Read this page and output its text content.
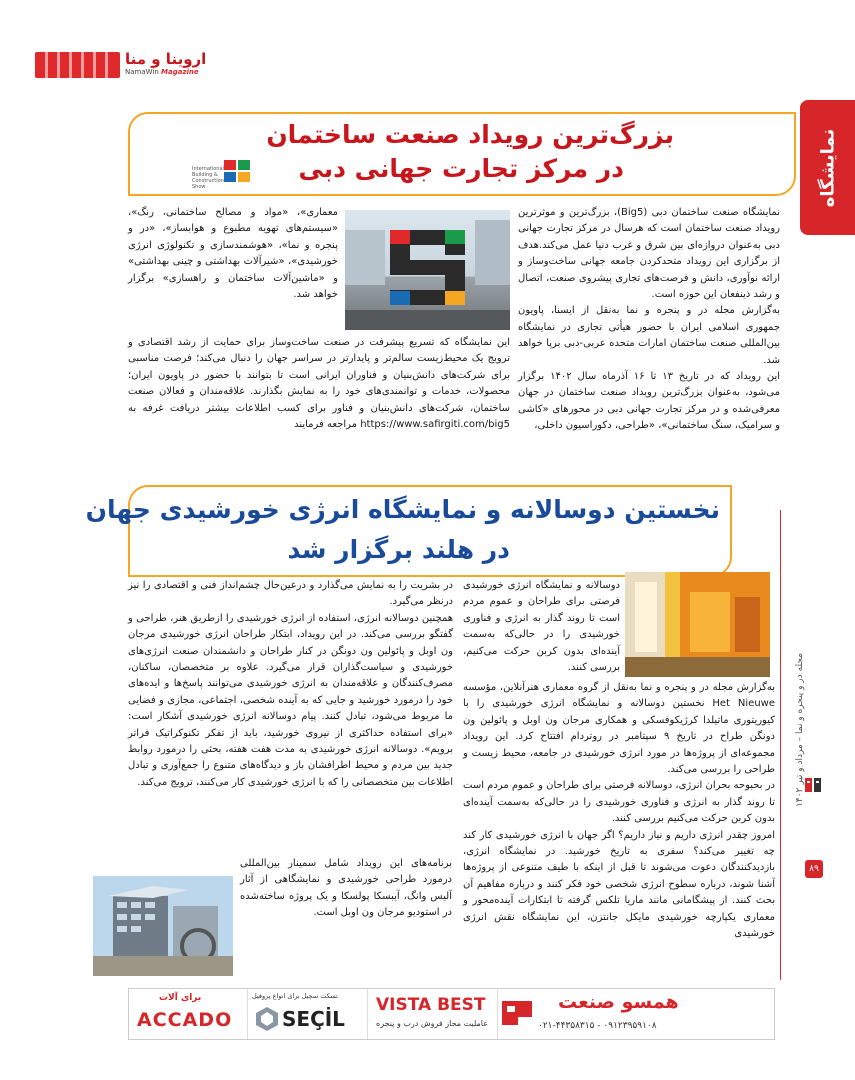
اروینا و منا
NamaWin Magazine
نمایشگاه
مجله در و پنجره و نما – مرداد و تیر ۱۴۰۲
۸۹
بزرگ‌ترین رویداد صنعت ساختمان
در مرکز تجارت جهانی دبی
International Building & Construction Show

نمایشگاه صنعت ساختمان دبی (Big5)، بزرگ‌ترین و موثرترین رویداد صنعت ساختمان است که هرسال در مرکز تجارت جهانی دبی به‌عنوان دروازه‌ای بین شرق و غرب دنیا عمل می‌کند.هدف از برگزاری این رویداد متحدکردن جامعه جهانی ساخت‌وساز و ارائه نوآوری، دانش و فرصت‌های تجاری پیشروی صنعت، اتصال و رشد ذینفعان این حوزه است.

به‌گزارش مجله در و پنجره و نما به‌نقل از ایسنا، پاویون جمهوری اسلامی ایران با حضور هیأتی تجاری در نمایشگاه بین‌المللی صنعت ساختمان امارات متحده عربی-دبی برپا خواهد شد.

این رویداد که در تاریخ ۱۳ تا ۱۶ آذرماه سال ۱۴۰۲ برگزار می‌شود، به‌عنوان بزرگ‌ترین رویداد صنعت ساختمان در جهان معرفی‌شده و در مرکز تجارت جهانی دبی در محورهای «کاشی و سرامیک، سنگ ساختمانی»، «طراحی، دکوراسیون داخلی،

معماری»، «مواد و مصالح ساختمانی، رنگ»، «سیستم‌های تهویه مطبوع و هوابساز»، «در و پنجره و نما»، «هوشمندسازی و تکنولوژی انرژی خورشیدی»، «شیرآلات بهداشتی و چینی بهداشتی» و «ماشین‌آلات ساختمان و راهسازی» برگزار خواهد شد.

این نمایشگاه که تسریع پیشرفت در صنعت ساخت‌وساز برای حمایت از رشد اقتصادی و ترویج یک محیط‌زیست سالم‌تر و پایدارتر در سراسر جهان را دنبال می‌کند؛ فرصت مناسبی برای شرکت‌های دانش‌بنیان و فناوران ایرانی است تا بتوانند با حضور در پاویون ایران؛ محصولات، خدمات و توانمندی‌های خود را به نمایش بگذارند. علاقه‌مندان و فعالان صنعت ساختمان، شرکت‌های دانش‌بنیان و فناور برای کسب اطلاعات بیشتر دریافت غرفه به https://www.safirgiti.com/big5 مراجعه فرمایند

نخستین دوسالانه و نمایشگاه انرژی خورشیدی جهان
در هلند برگزار شد

دوسالانه و نمایشگاه انرژی خورشیدی فرصتی برای طراحان و عموم مردم است تا روند گذار به انرژی و فناوری خورشیدی را در حالی‌که به‌سمت آینده‌ای بدون کربن حرکت می‌کنیم، بررسی کنند.

به‌گزارش مجله در و پنجره و نما به‌نقل از گروه معماری هنرآنلاین، مؤسسه Het Nieuwe نخستین دوسالانه و نمایشگاه انرژی خورشیدی را با کیوریتوری ماتیلدا کرژیکوفسکی و همکاری مرجان ون اوبل و پائولین ون دونگن طراح در تاریخ ۹ سپتامبر در روتردام افتتاح کرد. این رویداد مجموعه‌ای از پروژه‌ها در مورد انرژی خورشیدی در جامعه، محیط زیست و طراحی را بررسی می‌کند.

در بحبوحه بحران انرژی، دوسالانه فرصتی برای طراحان و عموم مردم است تا روند گذار به انرژی و فناوری خورشیدی را در حالی‌که به‌سمت آینده‌ای بدون کربن حرکت می‌کنیم بررسی کنند.

امروز چقدر انرژی داریم و نیاز داریم؟ اگر جهان با انرژی خورشیدی کار کند چه تغییر می‌کند؟ سفری به تاریخ خورشید. در نمایشگاه انرژی، بازدیدکنندگان دعوت می‌شوند تا قبل از اینکه با طیف متنوعی از پروژه‌ها آشنا شوند، درباره سطوح انرژی شخصی خود فکر کنند و درباره مفاهیم آن بحث کنند. از پیشگامانی مانند ماریا تلکس گرفته تا ابتکارات آینده‌محور و معماری یکپارچه خورشیدی مایکل جانتزن، این نمایشگاه نقش انرژی خورشیدی

در بشریت را به نمایش می‌گذارد و درعین‌حال چشم‌انداز فنی و اقتصادی را نیز درنظر می‌گیرد.

همچنین دوسالانه انرژی، استفاده از انرژی خورشیدی را ازطریق هنر، طراحی و گفتگو بررسی می‌کند. در این رویداد، ابتکار طراحان انرژی خورشیدی مرجان ون اوبل و پائولین ون دونگن در کنار طراحان و دانشمندان صنعت انرژی‌های خورشیدی و سیاست‌گذاران قرار می‌گیرد. علاوه بر متخصصان، ساکنان، مصرف‌کنندگان و علاقه‌مندان به انرژی خورشیدی می‌توانند پاسخ‌ها و ایده‌های خود را درمورد خورشید و جایی که به آینده شخصی، اجتماعی، مجازی و فضایی ما مربوط می‌شود، تبادل کنند. پیام دوسالانه انرژی خورشیدی آشکار است: «برای استفاده حداکثری از نیروی خورشید، باید از تفکر تکنوکراتیک فراتر برویم». دوسالانه انرژی خورشیدی به مدت هفت هفته، بحثی را درمورد روابط جدید بین مردم و محیط اطرافشان باز و دیدگاه‌های متنوع را جمع‌آوری و تبادل اطلاعات بین متخصصانی را که با انرژی خورشیدی کار می‌کنند، ترویج می‌کند.

برنامه‌های این رویداد شامل سمینار بین‌المللی درمورد طراحی خورشیدی و نمایشگاهی از آثار آلیس وانگ، آیبسکا پولسکا و یک پروژه ساخته‌شده در استودیو مرجان ون اوبل است.

برای آلات
ACCADO
تسکت سچیل برای انواع پروفیل
SEÇİL
VISTA BEST
عاملیت مجاز فروش درب و پنجره
همسو صنعت
۰۹۱۲۳۹۵۹۱۰۸ - ۰۲۱-۴۴۳۵۸۳۱۵
